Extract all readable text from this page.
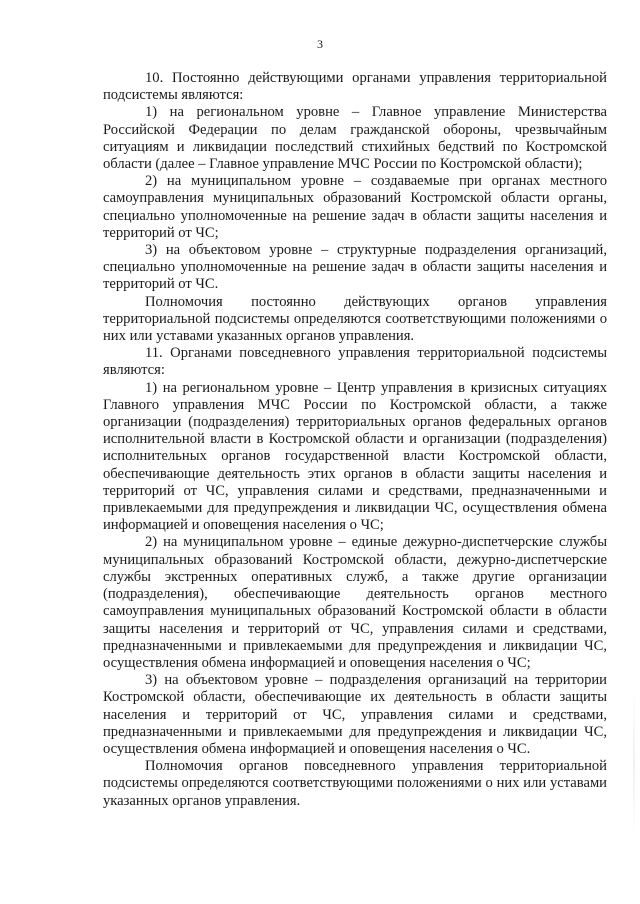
3

10. Постоянно действующими органами управления территориальной подсистемы являются:

1) на региональном уровне – Главное управление Министерства Российской Федерации по делам гражданской обороны, чрезвычайным ситуациям и ликвидации последствий стихийных бедствий по Костромской области (далее – Главное управление МЧС России по Костромской области);

2) на муниципальном уровне – создаваемые при органах местного самоуправления муниципальных образований Костромской области органы, специально уполномоченные на решение задач в области защиты населения и территорий от ЧС;

3) на объектовом уровне – структурные подразделения организаций, специально уполномоченные на решение задач в области защиты населения и территорий от ЧС.

Полномочия постоянно действующих органов управления территориальной подсистемы определяются соответствующими положениями о них или уставами указанных органов управления.

11. Органами повседневного управления территориальной подсистемы являются:

1) на региональном уровне – Центр управления в кризисных ситуациях Главного управления МЧС России по Костромской области, а также организации (подразделения) территориальных органов федеральных органов исполнительной власти в Костромской области и организации (подразделения) исполнительных органов государственной власти Костромской области, обеспечивающие деятельность этих органов в области защиты населения и территорий от ЧС, управления силами и средствами, предназначенными и привлекаемыми для предупреждения и ликвидации ЧС, осуществления обмена информацией и оповещения населения о ЧС;

2) на муниципальном уровне – единые дежурно-диспетчерские службы муниципальных образований Костромской области, дежурно-диспетчерские службы экстренных оперативных служб, а также другие организации (подразделения), обеспечивающие деятельность органов местного самоуправления муниципальных образований Костромской области в области защиты населения и территорий от ЧС, управления силами и средствами, предназначенными и привлекаемыми для предупреждения и ликвидации ЧС, осуществления обмена информацией и оповещения населения о ЧС;

3) на объектовом уровне – подразделения организаций на территории Костромской области, обеспечивающие их деятельность в области защиты населения и территорий от ЧС, управления силами и средствами, предназначенными и привлекаемыми для предупреждения и ликвидации ЧС, осуществления обмена информацией и оповещения населения о ЧС.

Полномочия органов повседневного управления территориальной подсистемы определяются соответствующими положениями о них или уставами указанных органов управления.
